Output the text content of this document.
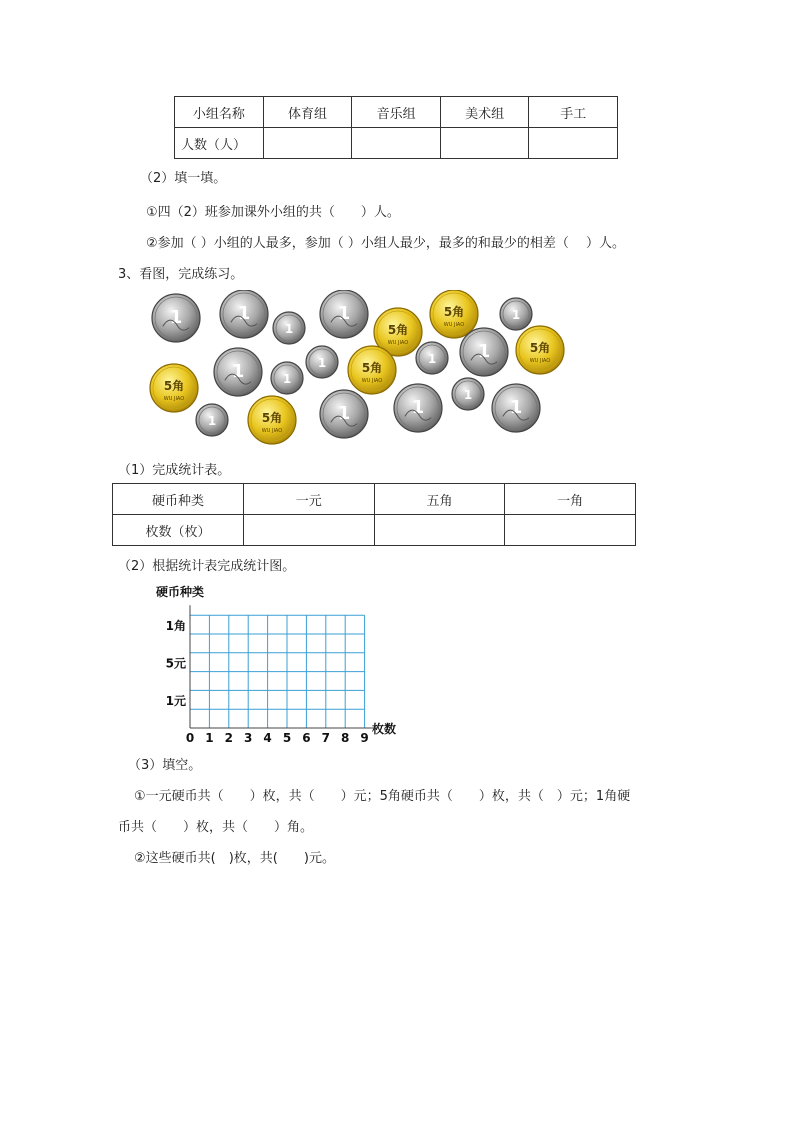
小组名称	体育组	音乐组	美术组	手工
人数（人）				
（2）填一填。
①四（2）班参加课外小组的共（　　）人。
②参加（ ）小组的人最多，参加（ ）小组人最少，最多的和最少的相差（　 ）人。
3、看图，完成练习。
1	1
1
1
5角
WU JIAO
5角
WU JIAO
1
1	1
1	5角
WU JIAO
1 1	5角
WU JIAO
5角
WU JIAO
1	5角
WU JIAO
1	1
1
1
（1）完成统计表。
硬币种类	一元	五角	一角
枚数（枚）			
（2）根据统计表完成统计图。
硬币种类
枚数
1角
5元
1元
0 1 2 3 4 5 6 7 8 9
（3）填空。
①一元硬币共（　　）枚，共（　　）元；5角硬币共（　　）枚，共（　）元；1角硬
币共（　　）枚，共（　　）角。
②这些硬币共(　)枚，共(　　)元。
